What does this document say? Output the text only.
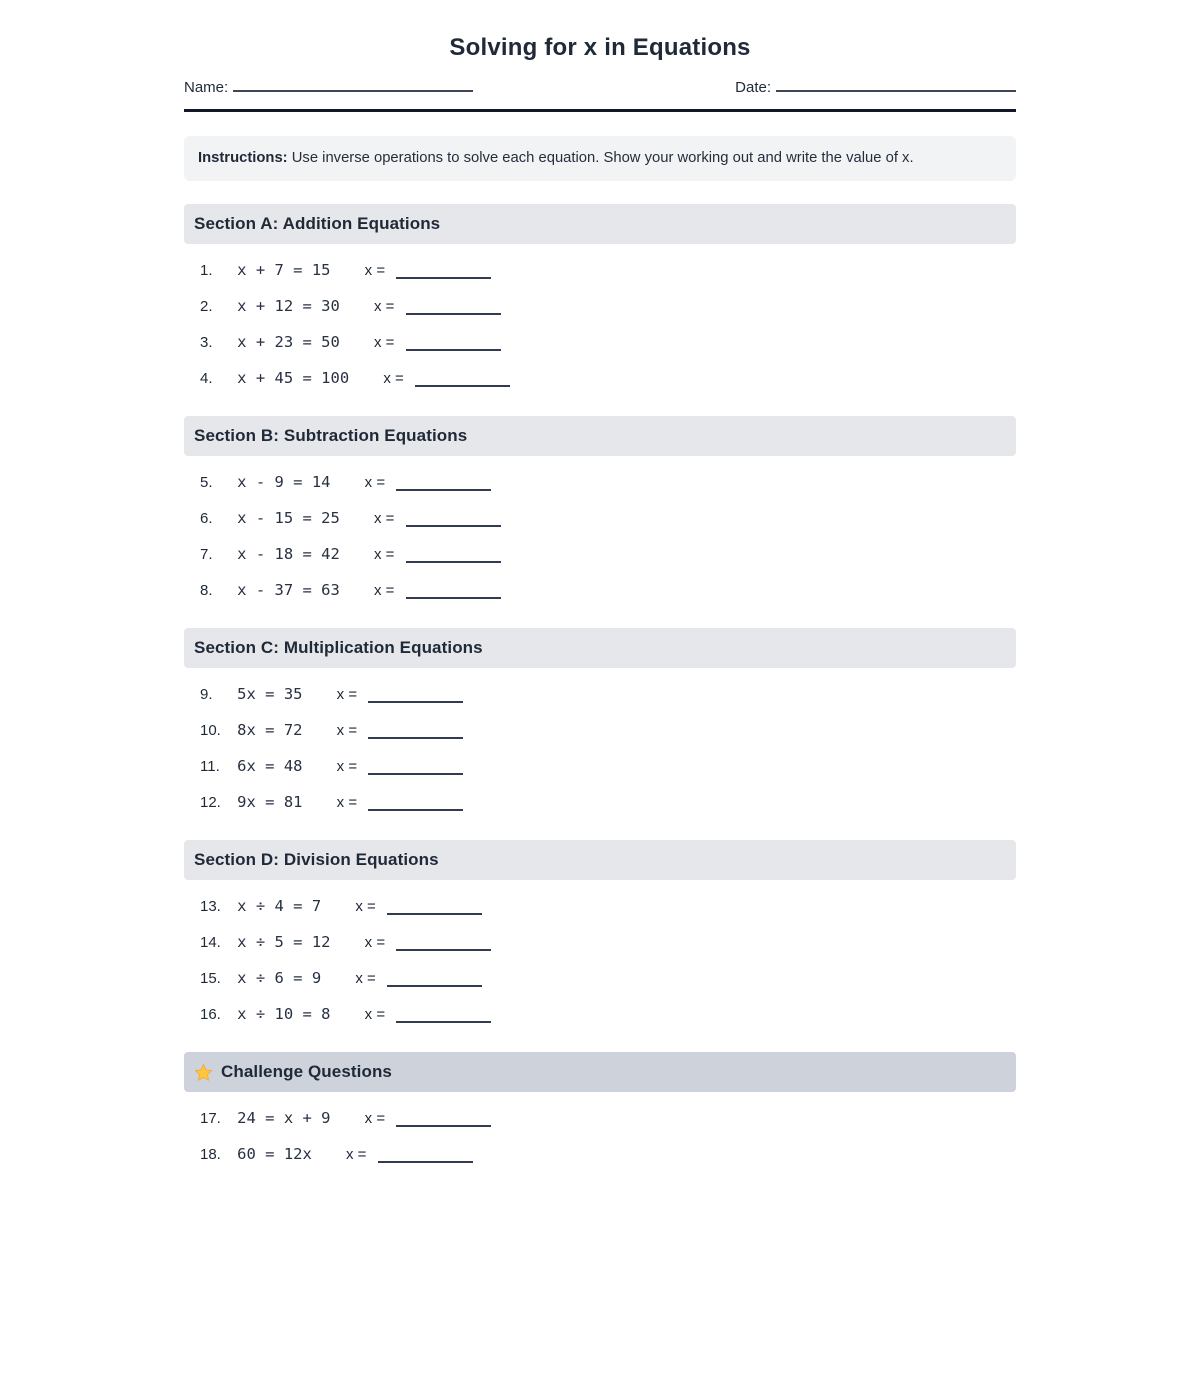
Solving for x in Equations
Name:	Date:
Instructions: Use inverse operations to solve each equation. Show your working out and write the value of x.
Section A: Addition Equations
1. x + 7 = 15 x =
2. x + 12 = 30 x =
3. x + 23 = 50 x =
4. x + 45 = 100 x =
Section B: Subtraction Equations
5. x - 9 = 14 x =
6. x - 15 = 25 x =
7. x - 18 = 42 x =
8. x - 37 = 63 x =
Section C: Multiplication Equations
9. 5x = 35 x =
10. 8x = 72 x =
11. 6x = 48 x =
12. 9x = 81 x =
Section D: Division Equations
13. x ÷ 4 = 7 x =
14. x ÷ 5 = 12 x =
15. x ÷ 6 = 9 x =
16. x ÷ 10 = 8 x =
Challenge Questions
17. 24 = x + 9 x =
18. 60 = 12x x =
